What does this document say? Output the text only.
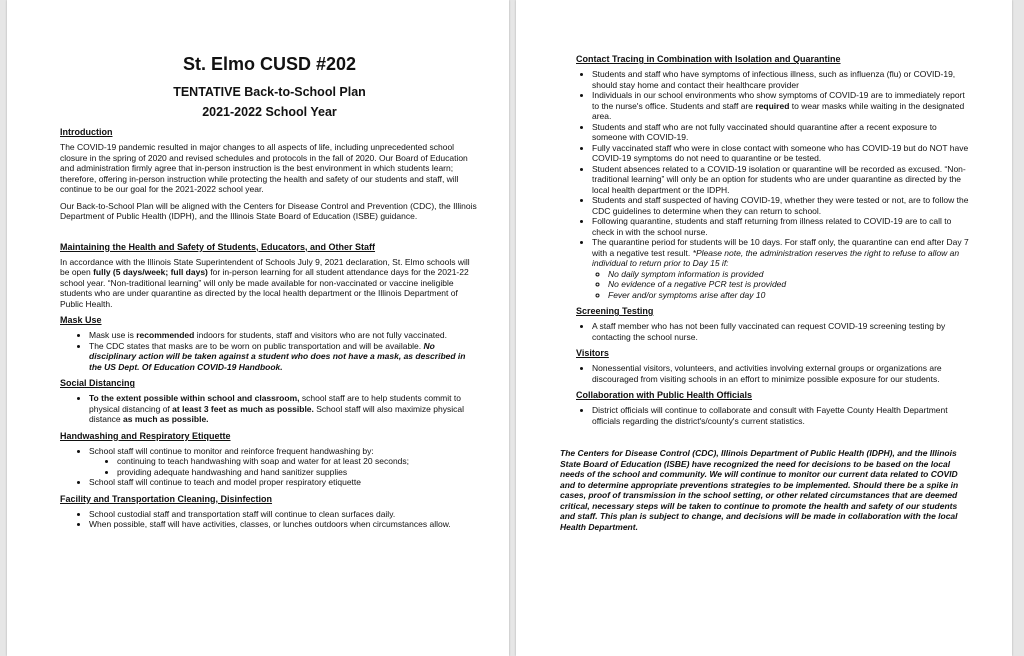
St. Elmo CUSD #202
TENTATIVE Back-to-School Plan
2021-2022 School Year
Introduction
The COVID-19 pandemic resulted in major changes to all aspects of life, including unprecedented school closure in the spring of 2020 and revised schedules and protocols in the fall of 2020. Our Board of Education and administration firmly agree that in-person instruction is the best environment in which students learn; therefore, offering in-person instruction while protecting the health and safety of our students and staff, will continue to be our goal for the 2021-2022 school year.
Our Back-to-School Plan will be aligned with the Centers for Disease Control and Prevention (CDC), the Illinois Department of Public Health (IDPH), and the Illinois State Board of Education (ISBE) guidance.
Maintaining the Health and Safety of Students, Educators, and Other Staff
In accordance with the Illinois State Superintendent of Schools July 9, 2021 declaration, St. Elmo schools will be open fully (5 days/week; full days) for in-person learning for all student attendance days for the 2021-22 school year. “Non-traditional learning” will only be made available for non-vaccinated or vaccine ineligible students who are under quarantine as directed by the local health department or the Illinois Department of Public Health.
Mask Use
• Mask use is recommended indoors for students, staff and visitors who are not fully vaccinated.
• The CDC states that masks are to be worn on public transportation and will be available. No disciplinary action will be taken against a student who does not have a mask, as described in the US Dept. Of Education COVID-19 Handbook.
Social Distancing
• To the extent possible within school and classroom, school staff are to help students commit to physical distancing of at least 3 feet as much as possible. School staff will also maximize physical distance as much as possible.
Handwashing and Respiratory Etiquette
• School staff will continue to monitor and reinforce frequent handwashing by:
• continuing to teach handwashing with soap and water for at least 20 seconds;
• providing adequate handwashing and hand sanitizer supplies
• School staff will continue to teach and model proper respiratory etiquette
Facility and Transportation Cleaning, Disinfection
• School custodial staff and transportation staff will continue to clean surfaces daily.
• When possible, staff will have activities, classes, or lunches outdoors when circumstances allow.
Contact Tracing in Combination with Isolation and Quarantine
• Students and staff who have symptoms of infectious illness, such as influenza (flu) or COVID-19, should stay home and contact their healthcare provider
• Individuals in our school environments who show symptoms of COVID-19 are to immediately report to the nurse's office. Students and staff are required to wear masks while waiting in the designated area.
• Students and staff who are not fully vaccinated should quarantine after a recent exposure to someone with COVID-19.
• Fully vaccinated staff who were in close contact with someone who has COVID-19 but do NOT have COVID-19 symptoms do not need to quarantine or be tested.
• Student absences related to a COVID-19 isolation or quarantine will be recorded as excused. “Non-traditional learning” will only be an option for students who are under quarantine as directed by the local health department or the IDPH.
• Students and staff suspected of having COVID-19, whether they were tested or not, are to follow the CDC guidelines to determine when they can return to school.
• Following quarantine, students and staff returning from illness related to COVID-19 are to call to check in with the school nurse.
• The quarantine period for students will be 10 days. For staff only, the quarantine can end after Day 7 with a negative test result. *Please note, the administration reserves the right to refuse to allow an individual to return prior to Day 15 if:
◦ No daily symptom information is provided
◦ No evidence of a negative PCR test is provided
◦ Fever and/or symptoms arise after day 10
Screening Testing
• A staff member who has not been fully vaccinated can request COVID-19 screening testing by contacting the school nurse.
Visitors
• Nonessential visitors, volunteers, and activities involving external groups or organizations are discouraged from visiting schools in an effort to minimize possible exposure for our students.
Collaboration with Public Health Officials
• District officials will continue to collaborate and consult with Fayette County Health Department officials regarding the district's/county's current statistics.
The Centers for Disease Control (CDC), Illinois Department of Public Health (IDPH), and the Illinois State Board of Education (ISBE) have recognized the need for decisions to be based on the local needs of the school and community. We will continue to monitor our current data related to COVID and to determine appropriate preventions strategies to be implemented. Should there be a spike in cases, proof of transmission in the school setting, or other related circumstances that are deemed critical, necessary steps will be taken to continue to promote the health and safety of our students and staff. This plan is subject to change, and decisions will be made in collaboration with the local Health Department.
